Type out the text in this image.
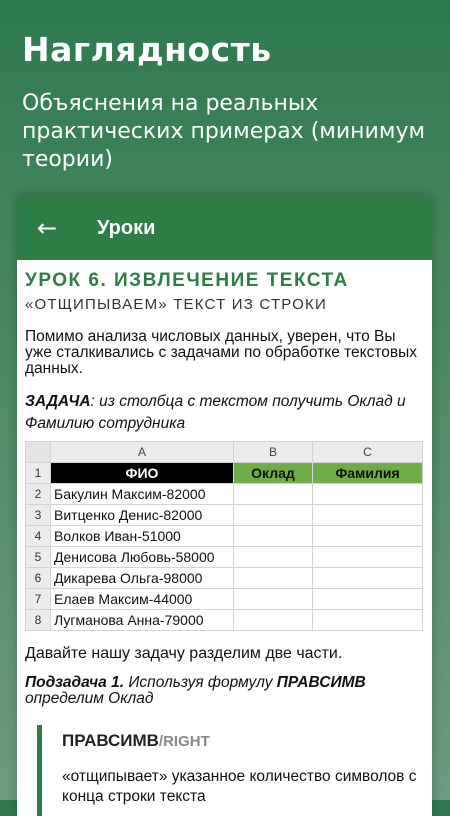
Наглядность
Объяснения на реальных практических примерах (минимум теории)
←	Уроки
УРОК 6. ИЗВЛЕЧЕНИЕ ТЕКСТА
«ОТЩИПЫВАЕМ» ТЕКСТ ИЗ СТРОКИ
Помимо анализа числовых данных, уверен, что Вы уже сталкивались с задачами по обработке текстовых данных.
ЗАДАЧА: из столбца с текстом получить Оклад и Фамилию сотрудника
	A	B	C
1	ФИО	Оклад	Фамилия
2	Бакулин Максим-82000		
3	Витценко Денис-82000		
4	Волков Иван-51000		
5	Денисова Любовь-58000		
6	Дикарева Ольга-98000		
7	Елаев Максим-44000		
8	Лугманова Анна-79000		
Давайте нашу задачу разделим две части.
Подзадача 1. Используя формулу ПРАВСИМВ определим Оклад
ПРАВСИМВ/RIGHT
«отщипывает» указанное количество символов с конца строки текста
